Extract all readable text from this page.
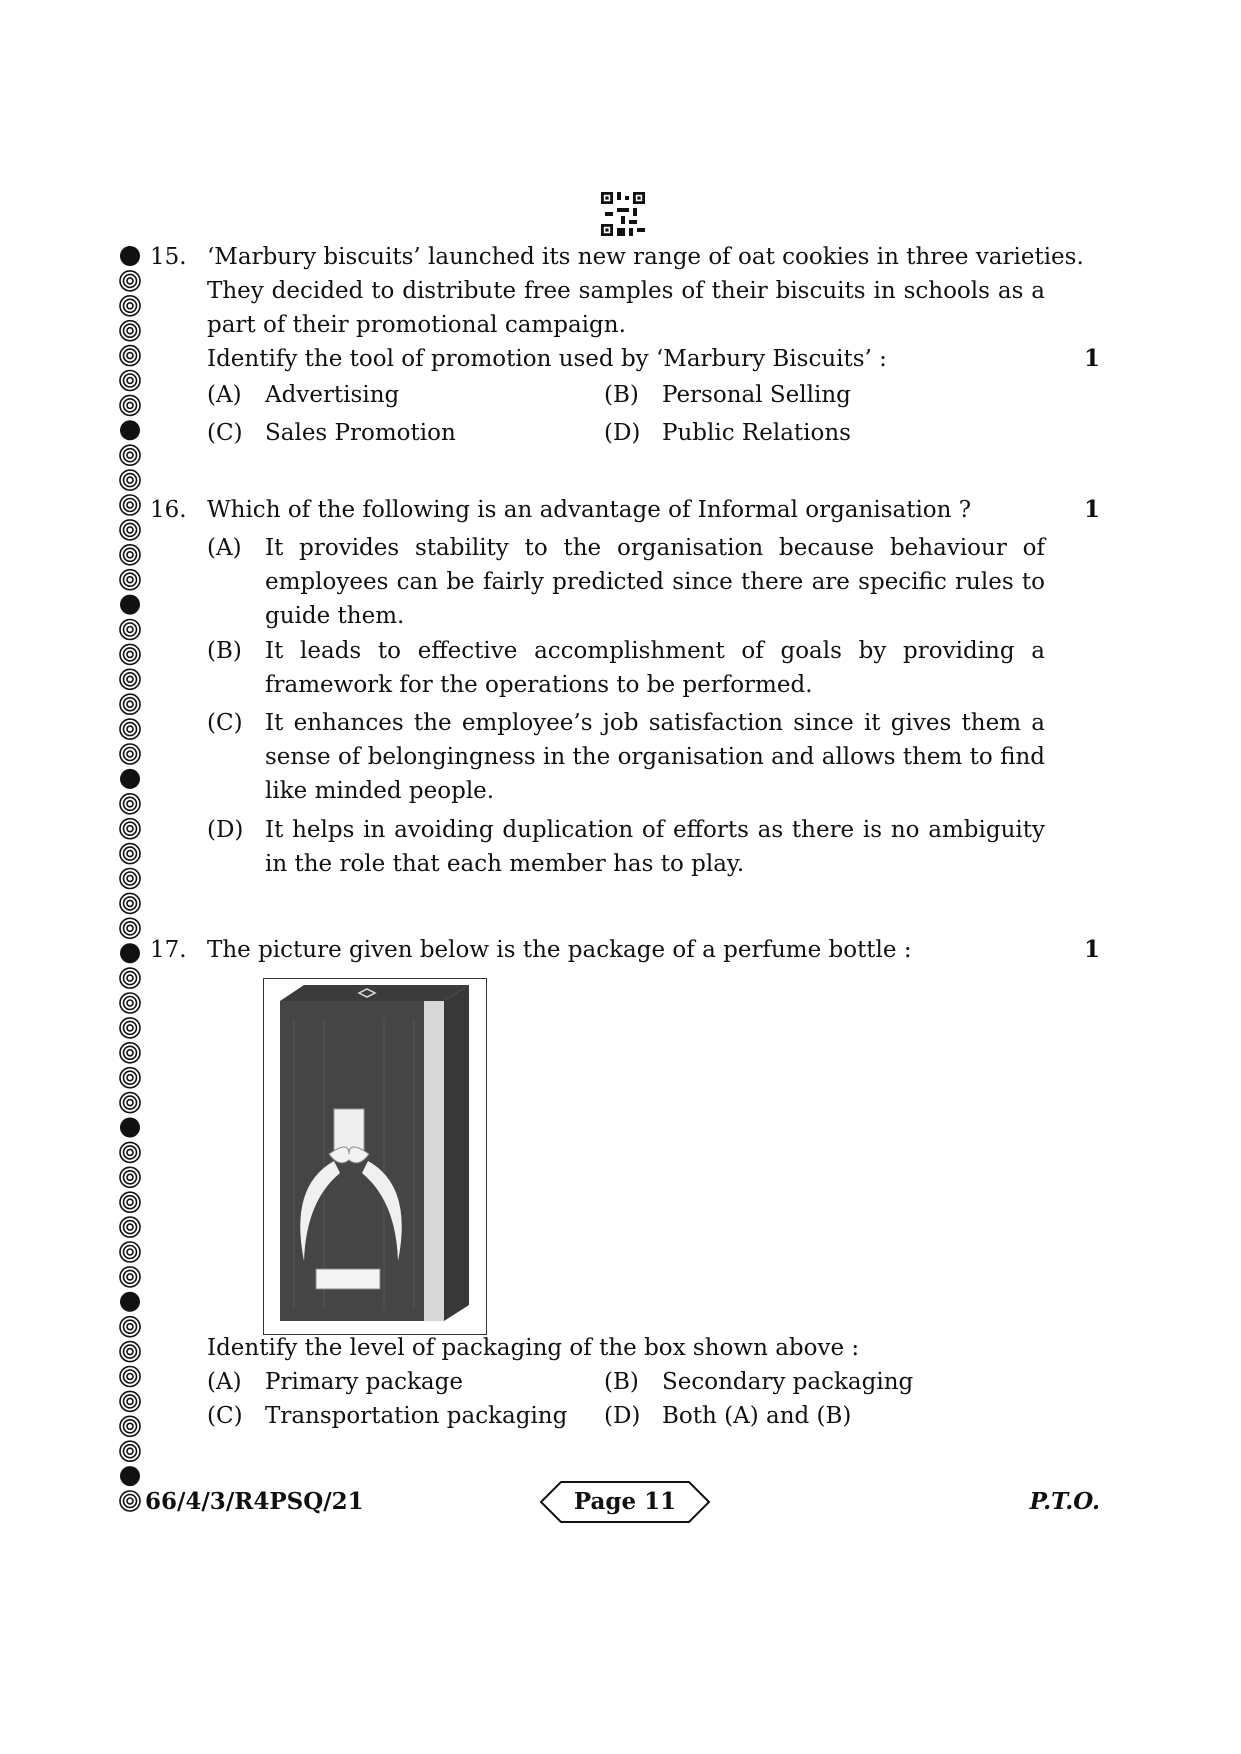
15. ‘Marbury biscuits’ launched its new range of oat cookies in three varieties.
They decided to distribute free samples of their biscuits in schools as a
part of their promotional campaign.
Identify the tool of promotion used by ‘Marbury Biscuits’ :	1
(A) Advertising	(B) Personal Selling
(C) Sales Promotion	(D) Public Relations
16. Which of the following is an advantage of Informal organisation ?	1
(A) It provides stability to the organisation because behaviour of employees can be fairly predicted since there are specific rules to guide them.
(B) It leads to effective accomplishment of goals by providing a framework for the operations to be performed.
(C) It enhances the employee’s job satisfaction since it gives them a sense of belongingness in the organisation and allows them to find like minded people.
(D) It helps in avoiding duplication of efforts as there is no ambiguity in the role that each member has to play.
17. The picture given below is the package of a perfume bottle :	1
Identify the level of packaging of the box shown above :
(A) Primary package	(B) Secondary packaging
(C) Transportation packaging (D) Both (A) and (B)
66/4/3/R4PSQ/21	Page 11	P.T.O.
